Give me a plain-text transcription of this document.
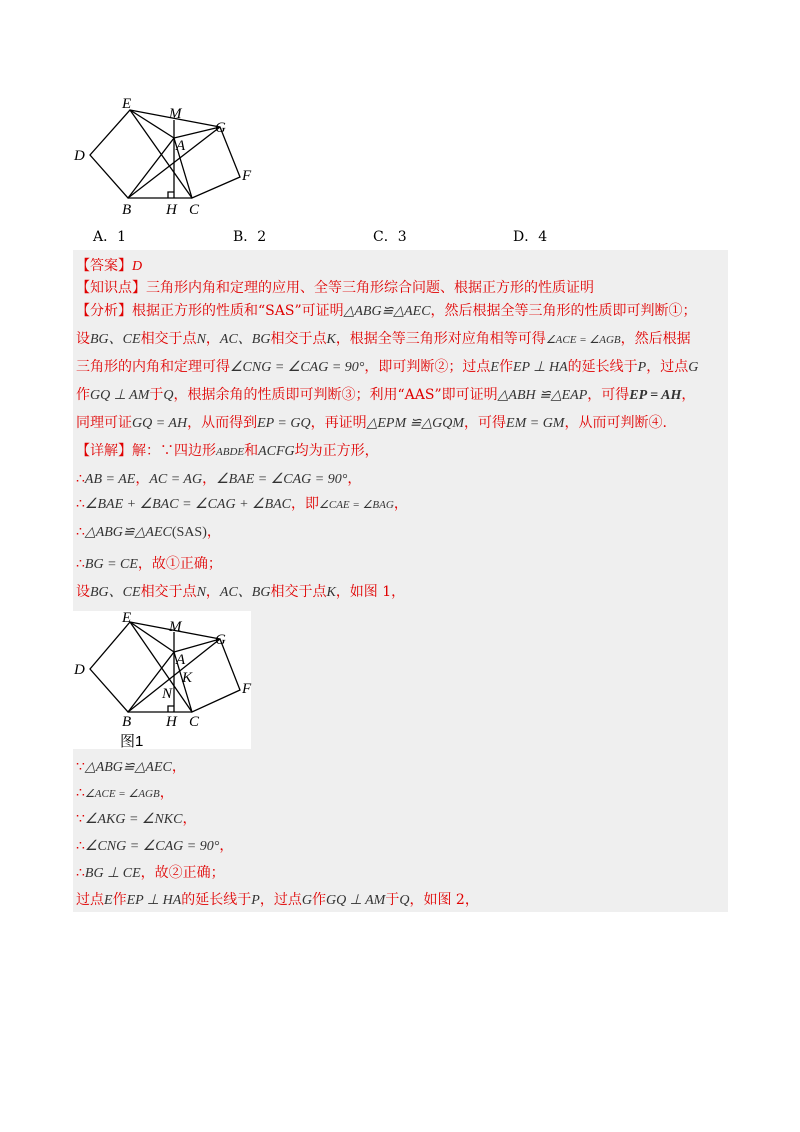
E
M
G
A
D
F
B H C
A．1	B．2	C．3	D．4
【答案】D
【知识点】三角形内角和定理的应用、全等三角形综合问题、根据正方形的性质证明
【分析】根据正方形的性质和“SAS”可证明△ABG≌△AEC，然后根据全等三角形的性质即可判断①；
设BG、CE相交于点N，AC、BG相交于点K，根据全等三角形对应角相等可得∠ACE = ∠AGB，然后根据
三角形的内角和定理可得∠CNG = ∠CAG = 90°，即可判断②；过点E作EP ⊥ HA的延长线于P，过点G
作GQ ⊥ AM于Q，根据余角的性质即可判断③；利用“AAS”即可证明△ABH ≌△EAP，可得EP = AH，
同理可证GQ = AH，从而得到EP = GQ，再证明△EPM ≌△GQM，可得EM = GM，从而可判断④.
【详解】解：∵四边形ABDE和ACFG均为正方形，
∴AB = AE，AC = AG，∠BAE = ∠CAG = 90°，
∴∠BAE + ∠BAC = ∠CAG + ∠BAC，即∠CAE = ∠BAG，
∴△ABG≌△AEC(SAS)，
∴BG = CE，故①正确；
设BG、CE相交于点N，AC、BG相交于点K，如图 1，
E
M
G
A
D	K
N	F
B H C
图1
∵△ABG≌△AEC，
∴∠ACE = ∠AGB，
∵∠AKG = ∠NKC，
∴∠CNG = ∠CAG = 90°，
∴BG ⊥ CE，故②正确；
过点E作EP ⊥ HA的延长线于P，过点G作GQ ⊥ AM于Q，如图 2，
